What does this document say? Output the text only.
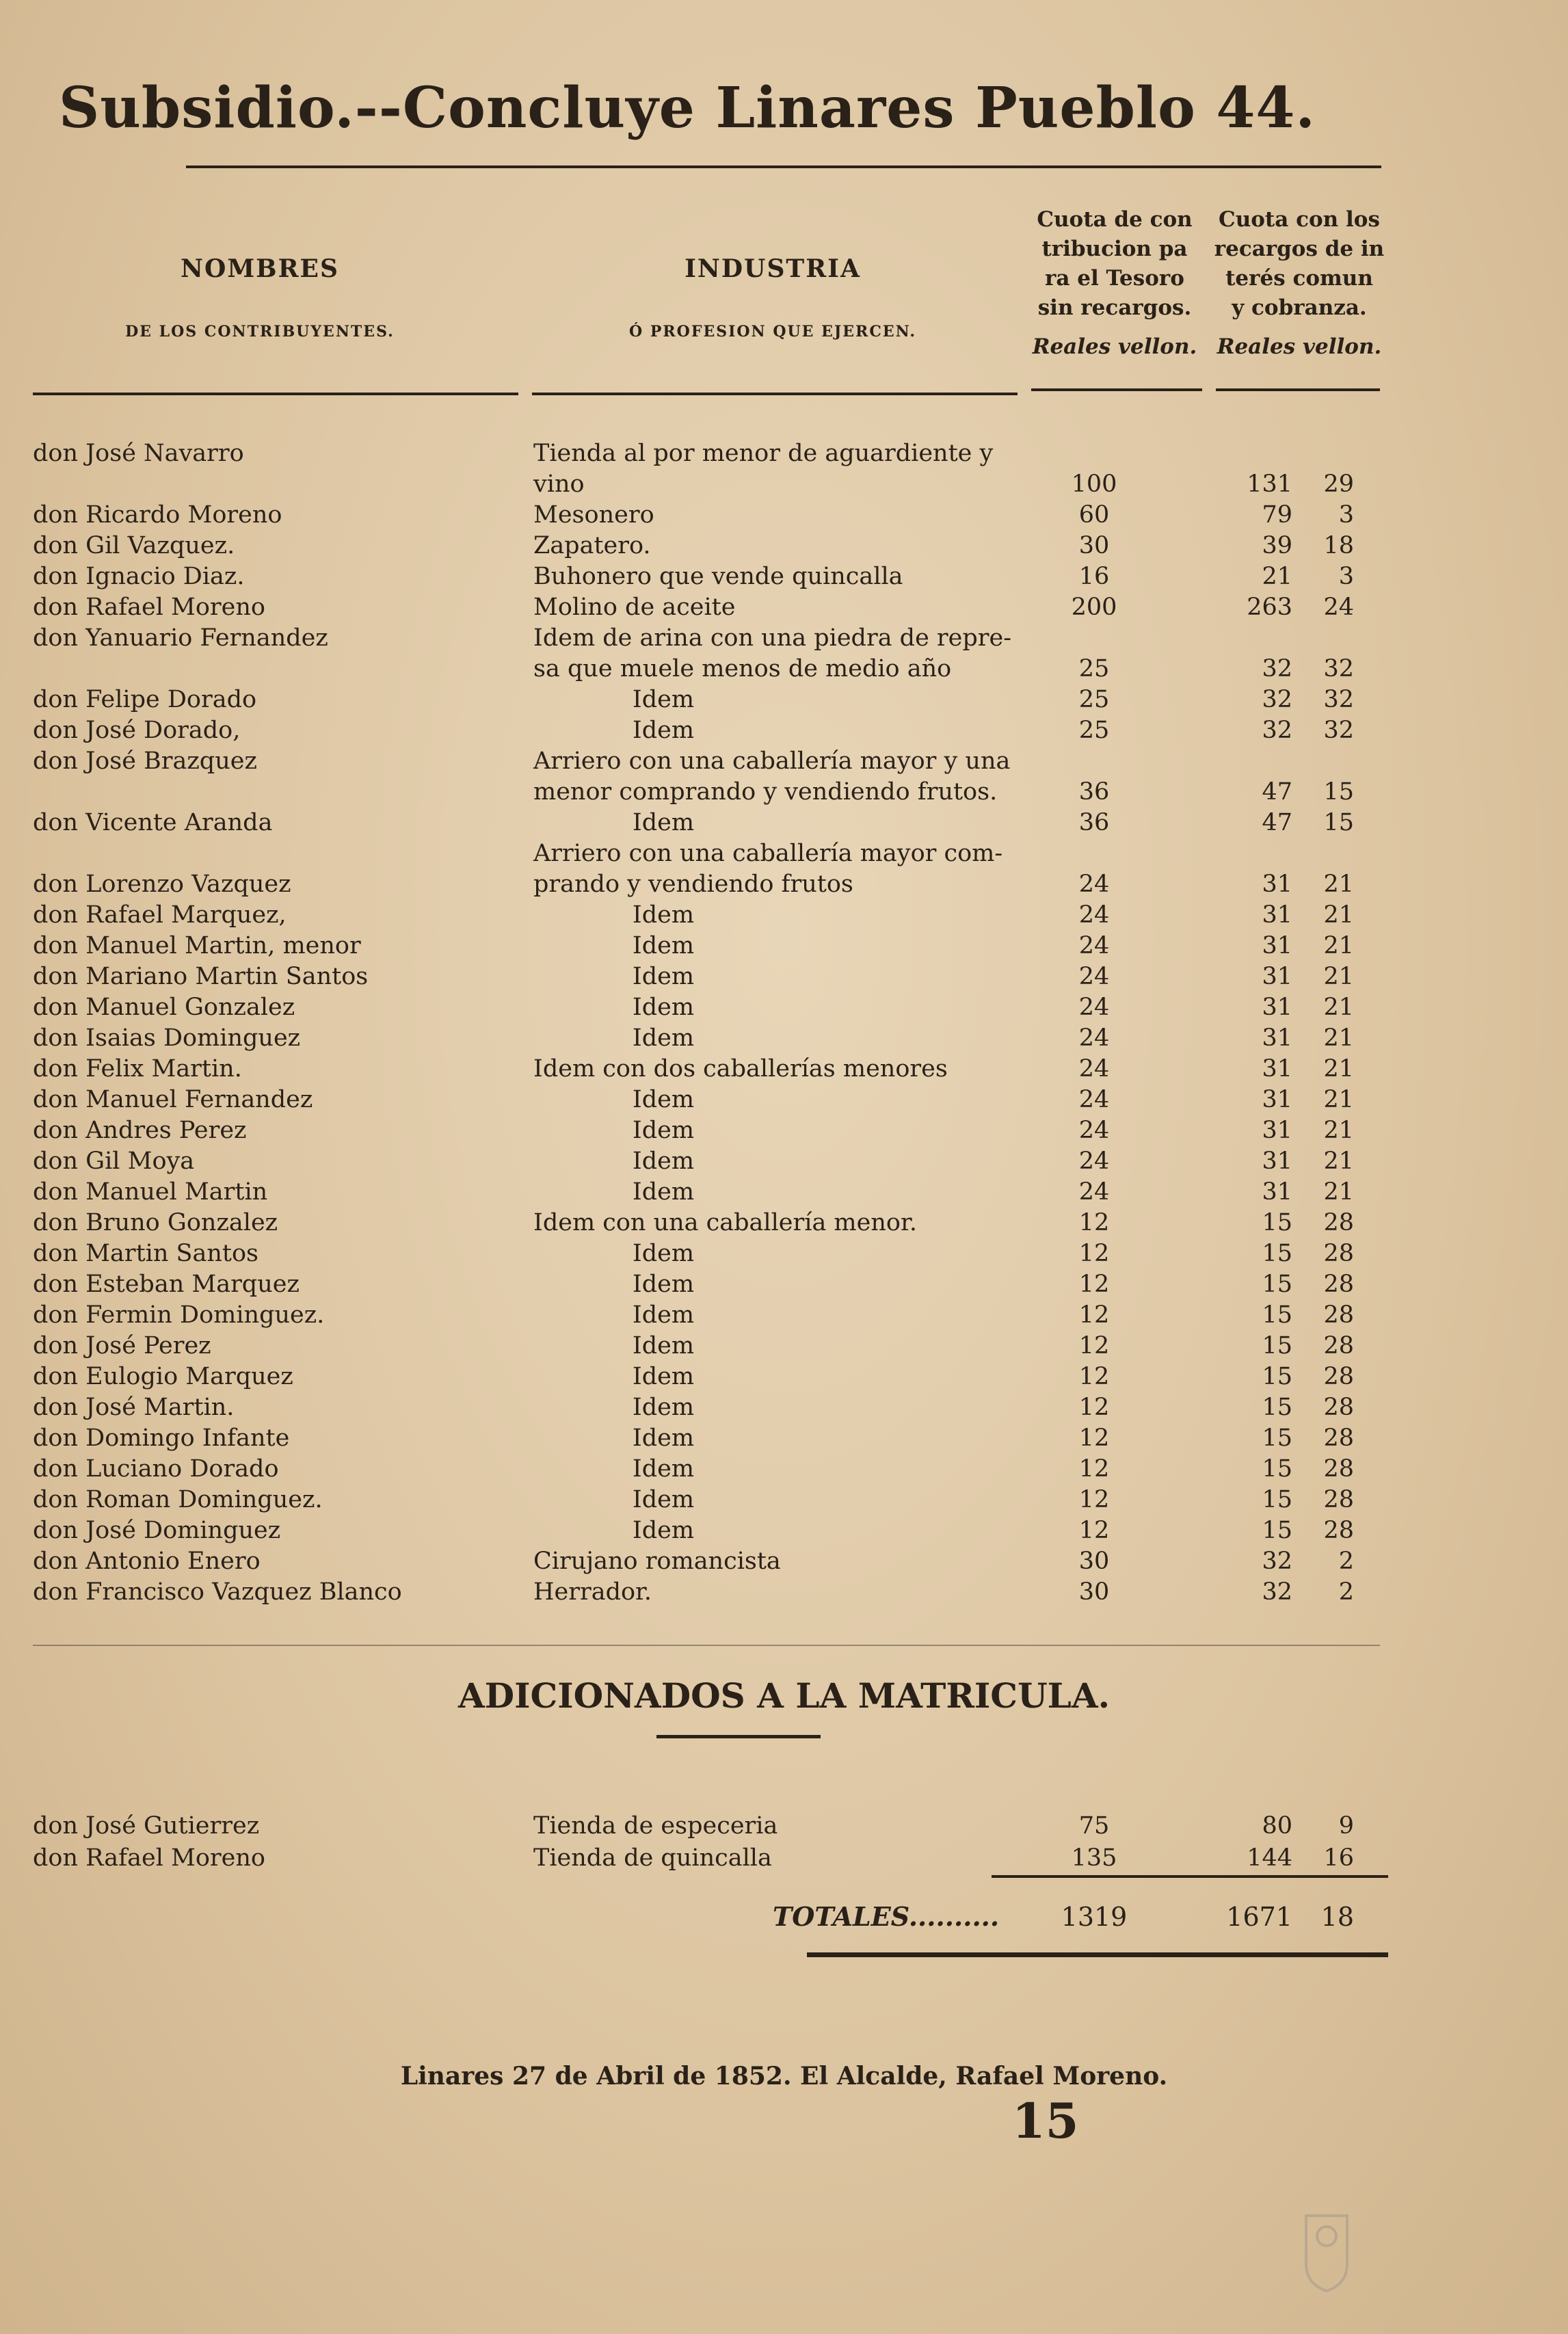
Subsidio.--Concluye Linares Pueblo 44.
NOMBRES
DE LOS CONTRIBUYENTES.
INDUSTRIA
Ó PROFESION QUE EJERCEN.
Cuota de con
tribucion pa
ra el Tesoro
sin recargos.
Reales vellon.
Cuota con los
recargos de in
terés comun
y cobranza.
Reales vellon.
don José Navarro	Tienda al por menor de aguardiente y
vino	100	131	29
don Ricardo Moreno	Mesonero	60	79	3
don Gil Vazquez.	Zapatero.	30	39	18
don Ignacio Diaz.	Buhonero que vende quincalla	16	21	3
don Rafael Moreno	Molino de aceite	200	263	24
don Yanuario Fernandez	Idem de arina con una piedra de repre-
sa que muele menos de medio año	25	32	32
don Felipe Dorado	Idem	25	32	32
don José Dorado,	Idem	25	32	32
don José Brazquez	Arriero con una caballería mayor y una
menor comprando y vendiendo frutos.	36	47	15
don Vicente Aranda	Idem	36	47	15
Arriero con una caballería mayor com-
don Lorenzo Vazquez	prando y vendiendo frutos	24	31	21
don Rafael Marquez,	Idem	24	31	21
don Manuel Martin, menor	Idem	24	31	21
don Mariano Martin Santos	Idem	24	31	21
don Manuel Gonzalez	Idem	24	31	21
don Isaias Dominguez	Idem	24	31	21
don Felix Martin.	Idem con dos caballerías menores	24	31	21
don Manuel Fernandez	Idem	24	31	21
don Andres Perez	Idem	24	31	21
don Gil Moya	Idem	24	31	21
don Manuel Martin	Idem	24	31	21
don Bruno Gonzalez	Idem con una caballería menor.	12	15	28
don Martin Santos	Idem	12	15	28
don Esteban Marquez	Idem	12	15	28
don Fermin Dominguez.	Idem	12	15	28
don José Perez	Idem	12	15	28
don Eulogio Marquez	Idem	12	15	28
don José Martin.	Idem	12	15	28
don Domingo Infante	Idem	12	15	28
don Luciano Dorado	Idem	12	15	28
don Roman Dominguez.	Idem	12	15	28
don José Dominguez	Idem	12	15	28
don Antonio Enero	Cirujano romancista	30	32	2
don Francisco Vazquez Blanco	Herrador.	30	32	2
ADICIONADOS A LA MATRICULA.
don José Gutierrez	Tienda de especeria	75	80	9
don Rafael Moreno	Tienda de quincalla	135	144	16
TOTALES..........	1319	1671	18
Linares 27 de Abril de 1852. El Alcalde, Rafael Moreno.
15
